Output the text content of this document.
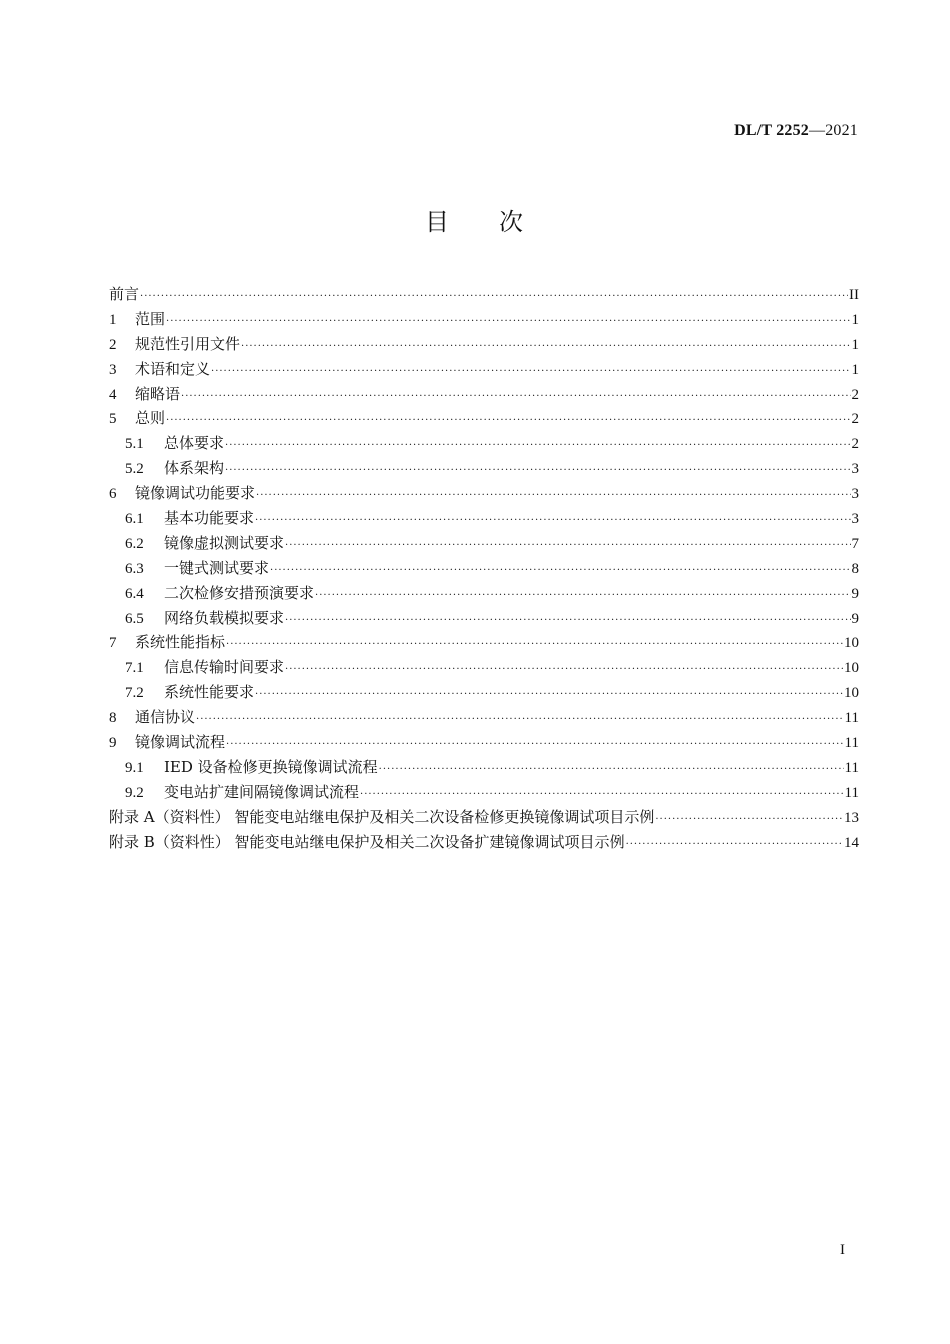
DL/T 2252—2021
目 次
前言 ·····	II
1	范围 ·····	1
2	规范性引用文件 ·····	1
3	术语和定义 ·····	1
4	缩略语 ·····	2
5	总则 ·····	2
5.1	总体要求 ·····	2
5.2	体系架构 ·····	3
6	镜像调试功能要求 ·····	3
6.1	基本功能要求 ·····	3
6.2	镜像虚拟测试要求 ·····	7
6.3	一键式测试要求 ·····	8
6.4	二次检修安措预演要求 ·····	9
6.5	网络负载模拟要求 ·····	9
7	系统性能指标 ·····	10
7.1	信息传输时间要求 ·····	10
7.2	系统性能要求 ·····	10
8	通信协议 ·····	11
9	镜像调试流程 ·····	11
9.1	IED 设备检修更换镜像调试流程 ·····	11
9.2	变电站扩建间隔镜像调试流程 ·····	11
附录 A（资料性） 智能变电站继电保护及相关二次设备检修更换镜像调试项目示例 ·····	13
附录 B（资料性） 智能变电站继电保护及相关二次设备扩建镜像调试项目示例 ·····	14
I
